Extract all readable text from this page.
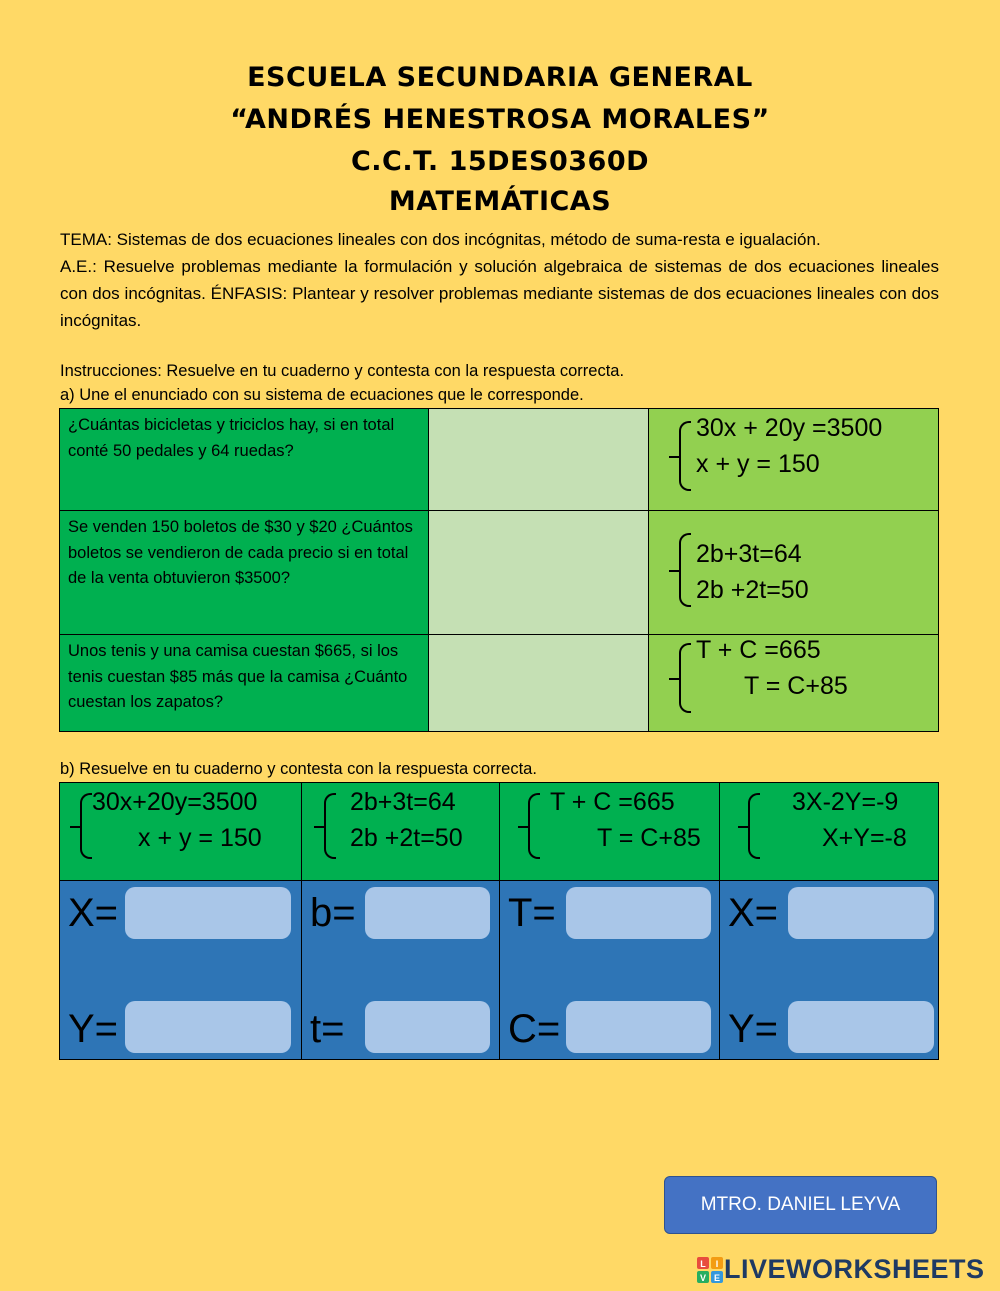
ESCUELA SECUNDARIA GENERAL
“ANDRÉS HENESTROSA MORALES”
C.C.T. 15DES0360D
MATEMÁTICAS
TEMA: Sistemas de dos ecuaciones lineales con dos incógnitas, método de suma-resta e igualación.
A.E.: Resuelve problemas mediante la formulación y solución algebraica de sistemas de dos ecuaciones lineales con dos incógnitas. ÉNFASIS: Plantear y resolver problemas mediante sistemas de dos ecuaciones lineales con dos incógnitas.
Instrucciones: Resuelve en tu cuaderno y contesta con la respuesta correcta.
a) Une el enunciado con su sistema de ecuaciones que le corresponde.
¿Cuántas bicicletas y triciclos hay, si en total conté 50 pedales y 64 ruedas?
30x + 20y =3500
x + y = 150
Se venden 150 boletos de $30 y $20 ¿Cuántos boletos se vendieron de cada precio si en total de la venta obtuvieron $3500?
2b+3t=64
2b +2t=50
Unos tenis y una camisa cuestan $665, si los tenis cuestan $85 más que la camisa ¿Cuánto cuestan los zapatos?
T + C =665
T = C+85
b) Resuelve en tu cuaderno y contesta con la respuesta correcta.
30x+20y=3500
x + y = 150
X=
Y=
2b+3t=64
2b +2t=50
b=
t=
T + C =665
T = C+85
T=
C=
3X-2Y=-9
X+Y=-8
X=
Y=
MTRO. DANIEL LEYVA
L I
V E LIVEWORKSHEETS
